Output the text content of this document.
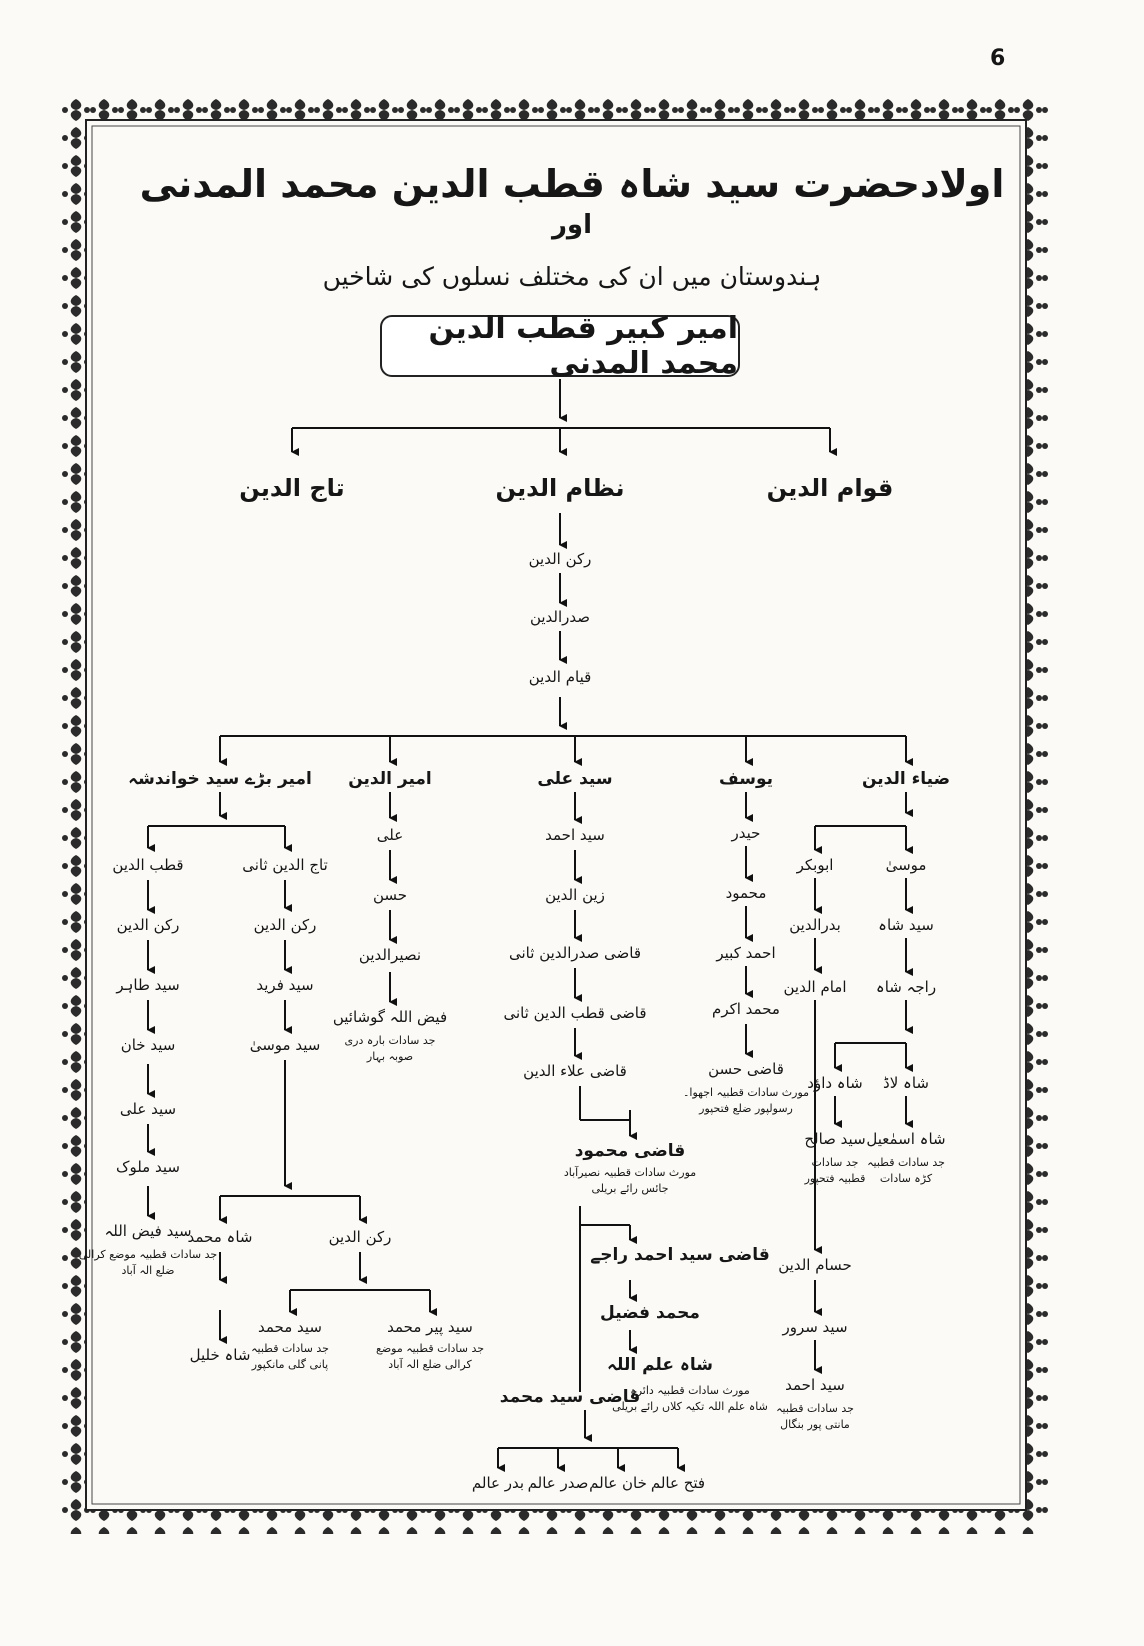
6
اولادحضرت سید شاہ قطب الدین محمد المدنی
اور
ہندوستان میں ان کی مختلف نسلوں کی شاخیں
امیر کبیر قطب الدین محمد المدنی
قوام الدین
نظام الدین
تاج الدین
رکن الدین
صدرالدین
قیام الدین
ضیاء الدین
یوسف
سید علی
امیر الدین
امیر بڑے سید خواندشہ
موسیٰ
سید شاہ
راجہ شاہ
شاہ لاڈ
شاہ اسمٰعیل
جد سادات قطبیہ
کڑہ سادات
شاہ داؤد
سید صالح
جد سادات
قطبیہ فتحپور
ابوبکر
بدرالدین
امام الدین
حسام الدین
سید سرور
سید احمد
جد سادات قطبیہ
مانتی پور بنگال
حیدر
محمود
احمد کبیر
محمد اکرم
قاضی حسن
مورث سادات قطبیہ اجھوا۔
رسولپور ضلع فتحپور
سید احمد
زین الدین
قاضی صدرالدین ثانی
قاضی قطب الدین ثانی
قاضی علاء الدین
قاضی محمود
مورث سادات قطبیہ نصیرآباد
جائس رائے بریلی
قاضی سید احمد راجے
محمد فضیل
شاہ علم اللہ
مورث سادات قطبیہ دائرہ
شاہ علم اللہ تکیہ کلاں رائے بریلی
قاضی سید محمد
فتح عالم
خان عالم
صدر عالم
بدر عالم
علی
حسن
نصیرالدین
فیض اللہ گوشائیں
جد سادات بارہ دری
صوبہ بہار
قطب الدین
رکن الدین
سید طاہر
سید خان
سید علی
سید ملوک
سید فیض اللہ
جد سادات قطبیہ موضع کرالی
ضلع الہ آباد
تاج الدین ثانی
رکن الدین
سید فرید
سید موسیٰ
شاہ محمد
شاہ خلیل
رکن الدین
سید محمد
جد سادات قطبیہ
پانی گلی مانکپور
سید پیر محمد
جد سادات قطبیہ موضع
کرالی ضلع الہ آباد
